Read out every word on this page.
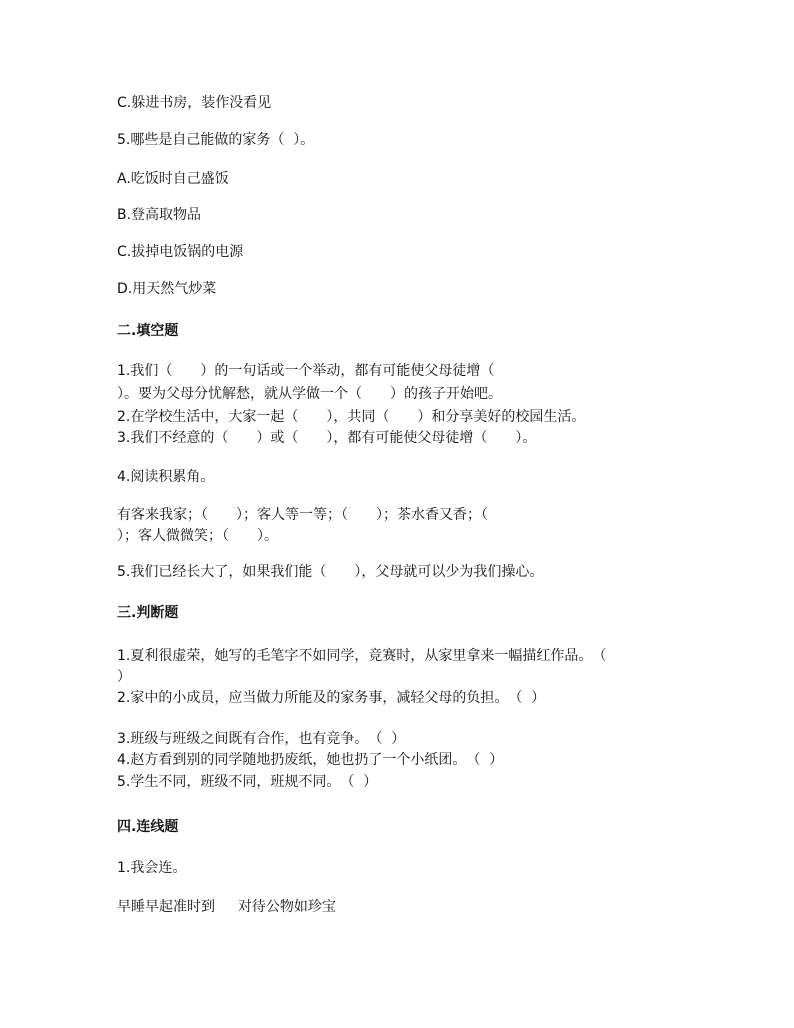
C.躲进书房，装作没看见
5.哪些是自己能做的家务（  ）。
A.吃饭时自己盛饭
B.登高取物品
C.拔掉电饭锅的电源
D.用天然气炒菜
二.填空题
1.我们（　　）的一句话或一个举动，都有可能使父母徒增（　　
）。要为父母分忧解愁，就从学做一个（　　）的孩子开始吧。
2.在学校生活中，大家一起（　　），共同（　　）和分享美好的校园生活。
3.我们不经意的（　　）或（　　），都有可能使父母徒增（　　）。
4.阅读积累角。
有客来我家；（　　）；客人等一等；（　　）；茶水香又香；（　　
）；客人微微笑；（　　）。
5.我们已经长大了，如果我们能（　　），父母就可以少为我们操心。
三.判断题
1.夏利很虚荣，她写的毛笔字不如同学，竞赛时，从家里拿来一幅描红作品。　（
）
2.家中的小成员，应当做力所能及的家务事，减轻父母的负担。　（  ）
3.班级与班级之间既有合作，也有竞争。　（  ）
4.赵方看到别的同学随地扔废纸，她也扔了一个小纸团。　（  ）
5.学生不同，班级不同，班规不同。　（  ）
四.连线题
1.我会连。
早睡早起准时到　  对待公物如珍宝
